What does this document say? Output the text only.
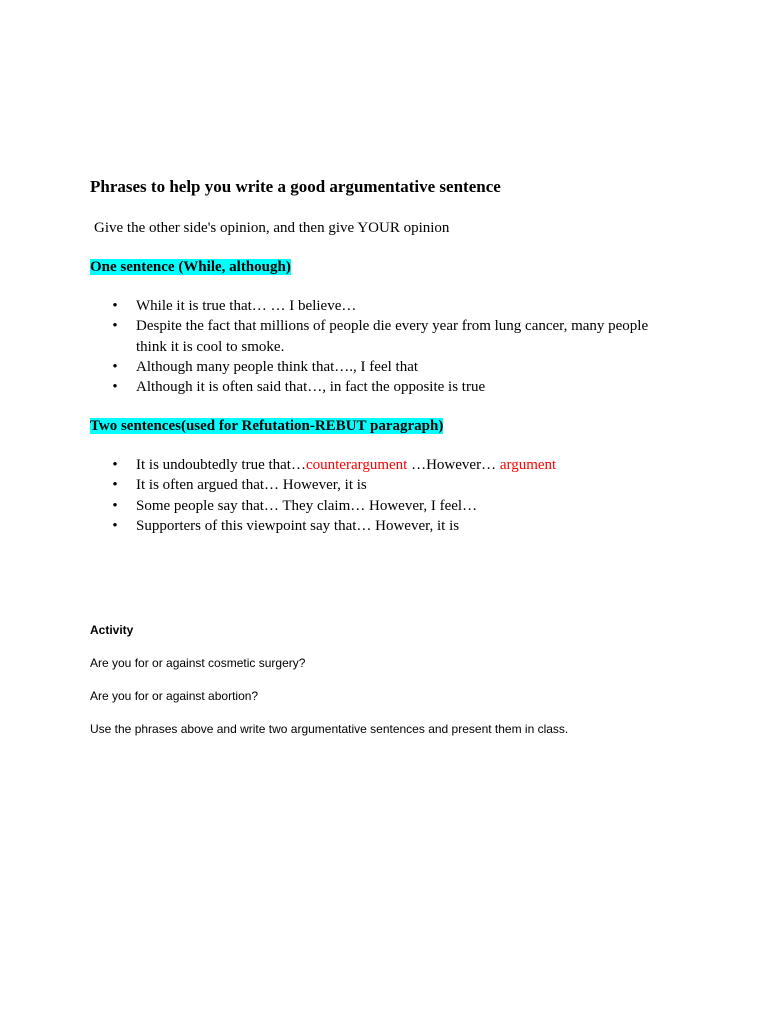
Phrases to help you write a good argumentative sentence
Give the other side's opinion, and then give YOUR opinion
One sentence (While, although)
• While it is true that… … I believe…
• Despite the fact that millions of people die every year from lung cancer, many people think it is cool to smoke.
• Although many people think that…., I feel that
• Although it is often said that…, in fact the opposite is true
Two sentences(used for Refutation-REBUT paragraph)
• It is undoubtedly true that…counterargument …However… argument
• It is often argued that… However, it is
• Some people say that… They claim… However, I feel…
• Supporters of this viewpoint say that… However, it is
Activity
Are you for or against cosmetic surgery?
Are you for or against abortion?
Use the phrases above and write two argumentative sentences and present them in class.
